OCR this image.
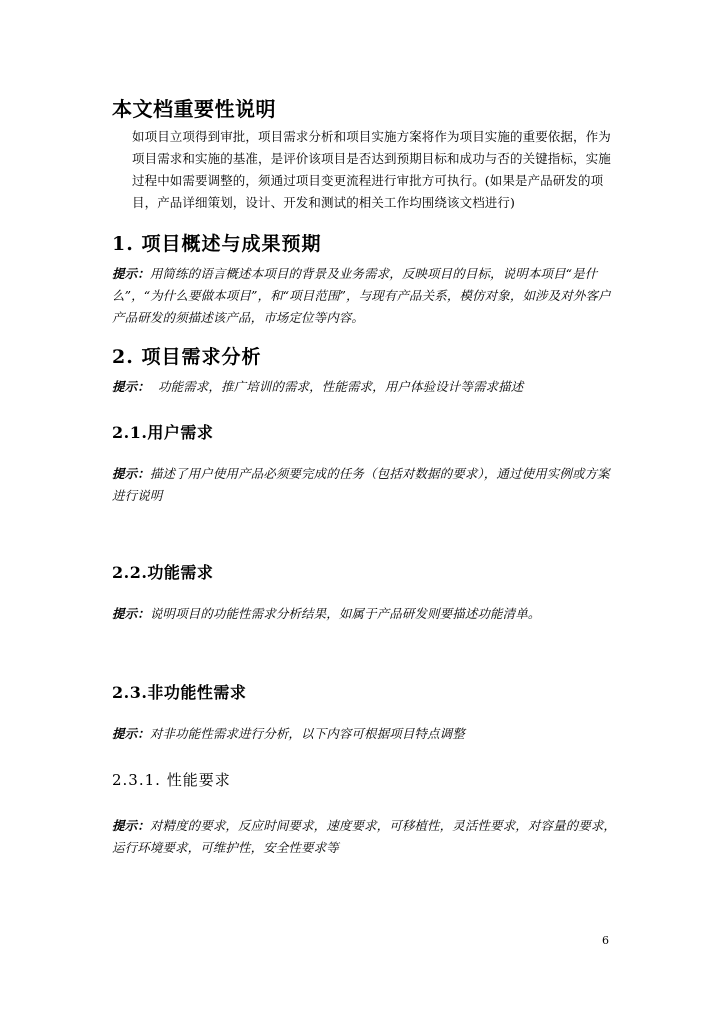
本文档重要性说明
如项目立项得到审批，项目需求分析和项目实施方案将作为项目实施的重要依据，作为项目需求和实施的基准，是评价该项目是否达到预期目标和成功与否的关键指标，实施过程中如需要调整的，须通过项目变更流程进行审批方可执行。(如果是产品研发的项目，产品详细策划，设计、开发和测试的相关工作均围绕该文档进行)
1. 项目概述与成果预期
提示：用简练的语言概述本项目的背景及业务需求，反映项目的目标，说明本项目“是什么”，“为什么要做本项目”，和“项目范围”，与现有产品关系，模仿对象，如涉及对外客户产品研发的须描述该产品，市场定位等内容。
2. 项目需求分析
提示：  功能需求，推广培训的需求，性能需求，用户体验设计等需求描述
2.1.用户需求
提示：描述了用户使用产品必须要完成的任务（包括对数据的要求），通过使用实例或方案进行说明
2.2.功能需求
提示：说明项目的功能性需求分析结果，如属于产品研发则要描述功能清单。
2.3.非功能性需求
提示：对非功能性需求进行分析，以下内容可根据项目特点调整
2.3.1. 性能要求
提示：对精度的要求，反应时间要求，速度要求，可移植性，灵活性要求，对容量的要求，运行环境要求，可维护性，安全性要求等
6
